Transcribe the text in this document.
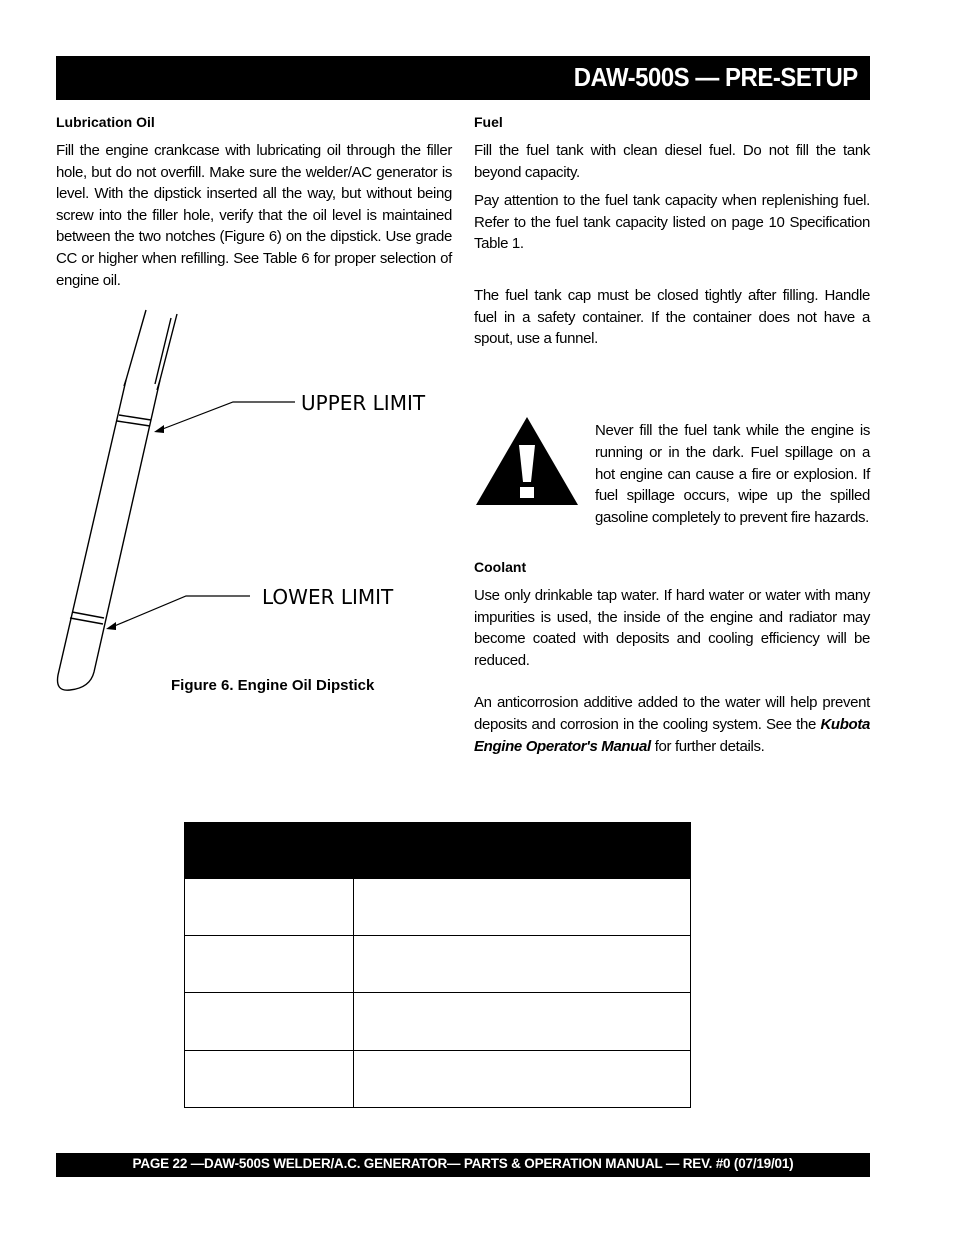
DAW-500S — PRE-SETUP

Lubrication Oil

Fill the engine crankcase with lubricating oil through the filler hole, but do not overfill. Make sure the welder/AC generator is level. With the dipstick inserted all the way, but without being screw into the filler hole, verify that the oil level is maintained between the two notches (Figure 6) on the dipstick. Use grade CC or higher when refilling. See Table 6 for proper selection of engine oil.

UPPER LIMIT
LOWER LIMIT
Figure 6. Engine Oil Dipstick

Fuel

Fill the fuel tank with clean diesel fuel. Do not fill the tank beyond capacity.

Pay attention to the fuel tank capacity when replenishing fuel. Refer to the fuel tank capacity listed on page 10 Specification Table 1.

The fuel tank cap must be closed tightly after filling. Handle fuel in a safety container. If the container does not have a spout, use a funnel.

Never fill the fuel tank while the engine is running or in the dark. Fuel spillage on a hot engine can cause a fire or explosion. If fuel spillage occurs, wipe up the spilled gasoline completely to prevent fire hazards.

Coolant

Use only drinkable tap water. If hard water or water with many impurities is used, the inside of the engine and radiator may become coated with deposits and cooling efficiency will be reduced.

An anticorrosion additive added to the water will help prevent deposits and corrosion in the cooling system. See the Kubota Engine Operator's Manual for further details.

PAGE 22 —DAW-500S WELDER/A.C. GENERATOR— PARTS & OPERATION MANUAL — REV. #0 (07/19/01)
